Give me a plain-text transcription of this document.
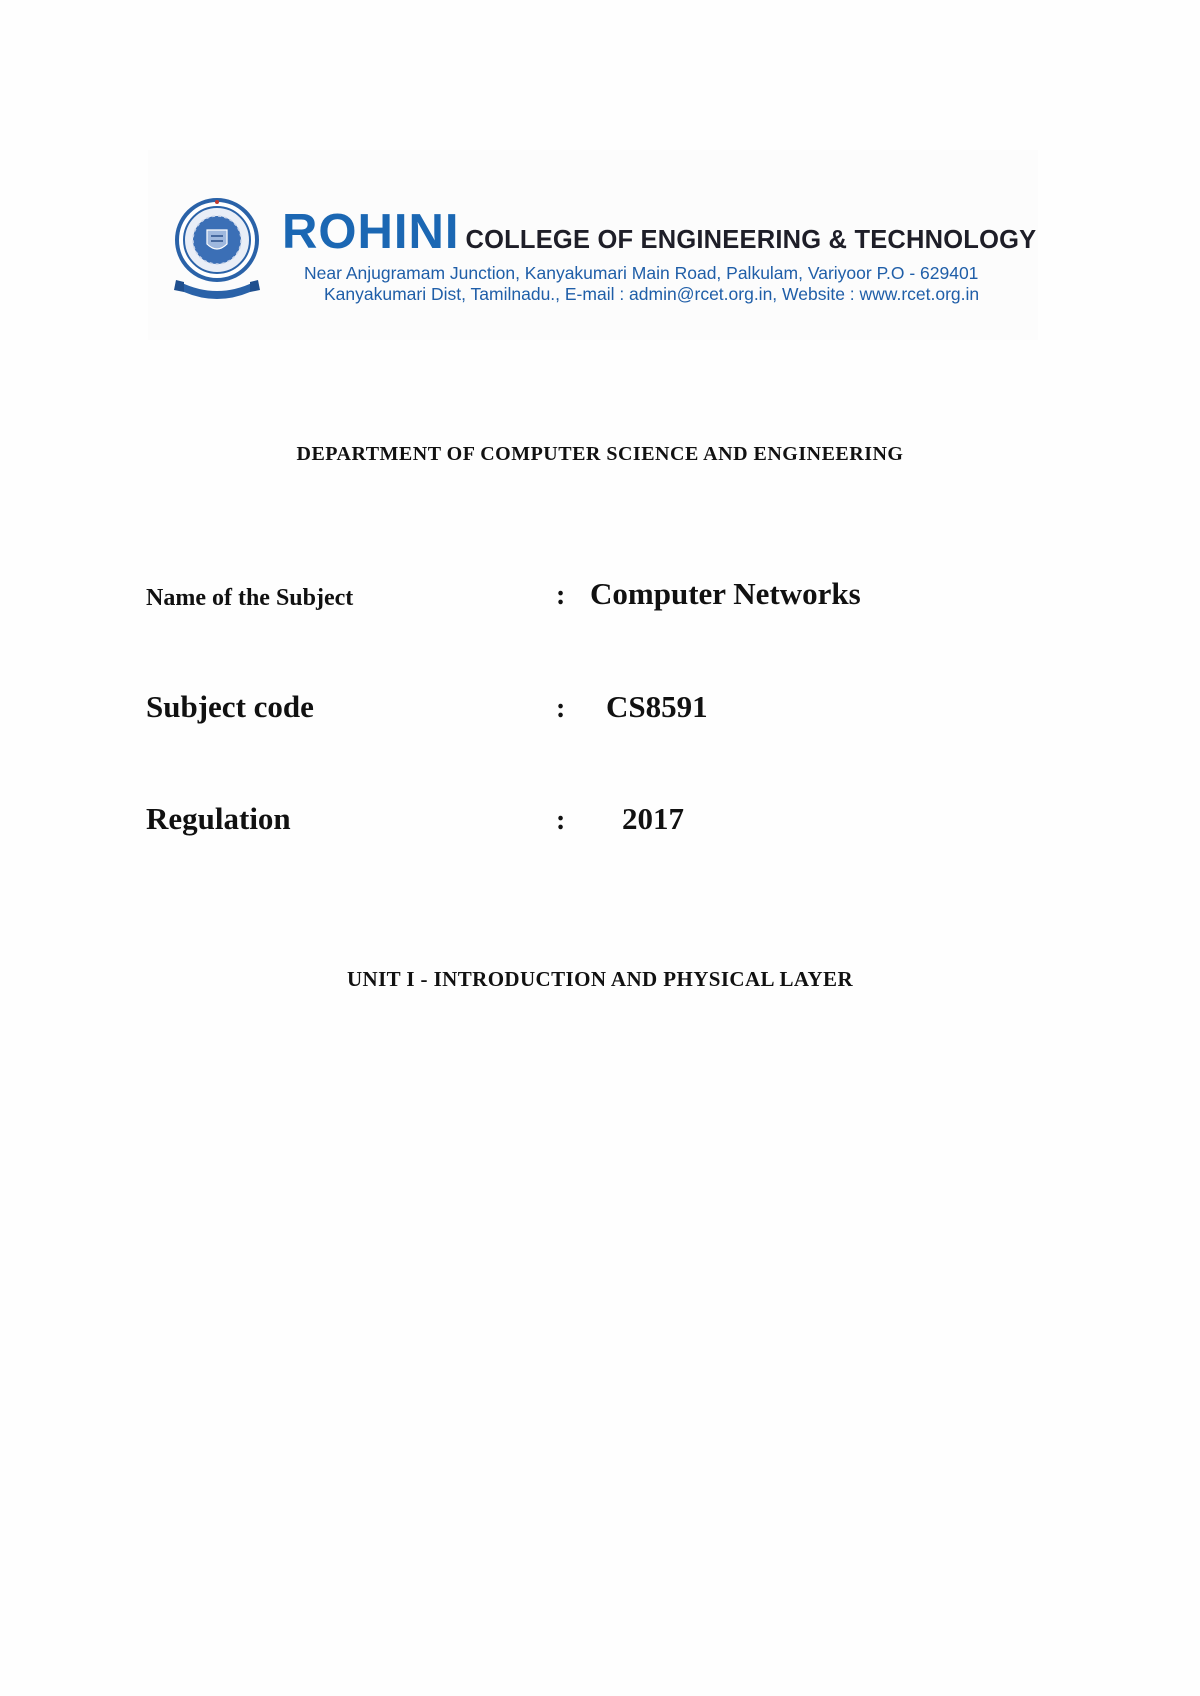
ROHINI COLLEGE OF ENGINEERING & TECHNOLOGY
Near Anjugramam Junction, Kanyakumari Main Road, Palkulam, Variyoor P.O - 629401
Kanyakumari Dist, Tamilnadu., E-mail : admin@rcet.org.in, Website : www.rcet.org.in
DEPARTMENT OF COMPUTER SCIENCE AND ENGINEERING
Name of the Subject	: Computer Networks
Subject code	: CS8591
Regulation	: 2017
UNIT I - INTRODUCTION AND PHYSICAL LAYER
